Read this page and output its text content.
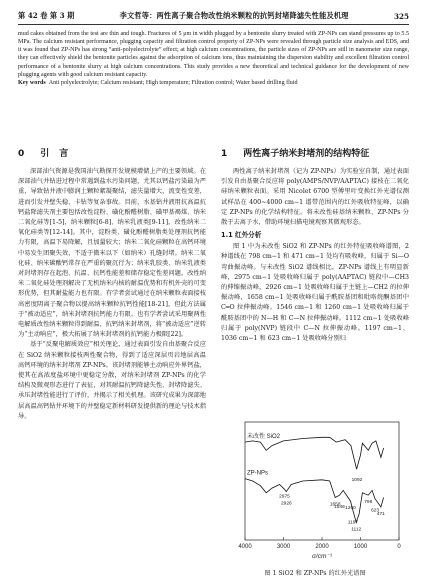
第 42 卷 第 3 期	李文哲等：两性离子聚合物改性纳米颗粒的抗钙封堵降滤失性能及机理	325
mud cakes obtained from the test are thin and tough. Fractures of 5 μm in width plugged by a bentonite slurry treated with ZP-NPs can stand pressures up to 5.5 MPa. The calcium resistant performance, plugging capacity and filtration control property of ZP-NPs were revealed through particle size analysis and EDS, and it was found that ZP-NPs has strong “anti-polyelectrolyte” effect; at high calcium concentrations, the particle sizes of ZP-NPs are still in nanometer size range, they can effectively shield the bentonite particles against the adsorption of calcium ions, thus maintaining the dispersion stability and excellent filtration control performance of a bentonite slurry at high calcium concentrations. This study provides a new theoretical and technical guidance for the development of new plugging agents with good calcium resistant capacity.
Key words Anti polyelectrolyte; Calcium resistant; High temperature; Filtration control; Water based drilling fluid
0 引言

深部油气资源是我国油气勘探开发规模增储上产的主要领域。在深部油气井钻进过程中常遇到盐水污染问题，尤其以钙盐污染最为严重，导致钻井液中膨润土颗粒絮凝聚结，滤失量增大，流变性变差，进而引发井壁失稳、卡钻等复杂事故。目前，水基钻井液用抗高温抗钙盐降滤失剂主要包括改性淀粉、磺化酚醛树脂、磺甲基褐煤、纳米二氧化硅等[1-5]，纳米颗粒[6-8]、纳米乳液类[9-11]，改性纳米二氧化硅类等[12-14]。其中，淀粉类、磺化酚醛树脂类处理剂抗钙能力有限，高温下易降解，且加量较大；纳米二氧化硅颗粒在高钙环境中易发生团聚失效，不适于微米以下（如纳米）孔缝封堵。纳米二氧化硅、纳米碳酸钙常存在严重的聚沉行为；纳米乳胶类、纳米乳液类对封堵剂存在起泡、抗温、抗钙性能差和储存稳定性差问题。改性纳米二氧化硅处理剂解决了无机纳米内核的耐温优势和有机外壳的可变形优势，但其耐盐能力也有限。有学者尝试通过在纳米颗粒表面接枝高密度阴离子聚合物以提高纳米颗粒抗钙性能[18-21]，但此方法属于“被动适应”，纳米封堵剂抗钙能力有限。也有学者尝试采用聚两性电解质改性纳米颗粒得到耐温、抗钙纳米封堵剂，将“被动适应”逆转为“主动响应”，极大拓展了纳米封堵剂的抗钙能力极限[22]。

基于“反聚电解质效应”相关理论，通过表面引发自由基聚合反应在 SiO2 纳米颗粒接枝两性聚合物，得到了适应深层页岩地层高温高钙环境的纳米封堵剂 ZP-NPs。该封堵剂能够主动响应外界钙盐，使其在高浓度盐环境中更稳定分散，对纳米封堵剂 ZP-NPs 的化学结构及微观形态进行了表征，对其耐温抗钙降滤失性、封堵降滤失、承压封堵性能进行了评价，并揭示了相关机理。该研究成果为深部地层高温高钙钻井环境下的井壁稳定新材料研发提供新的理论与技术指导。

1 两性离子纳米封堵剂的结构特征

两性离子纳米封堵剂（记为 ZP-NPs）为实验室自制，通过表面引发自由基聚合反应将 poly(AMPS/NVP/AAPTAC) 接枝在二氧化硅纳米颗粒表面。采用 Nicolet 6700 型傅里叶变换红外光谱仪测试样品在 400~4000 cm−1 谱带范围内的红外吸收特征峰，以确定 ZP-NPs 的化学结构特征。将未改性硅基纳米颗粒、ZP-NPs 分散于去离子水，借助环境扫描电镜观察其微观形态。

1.1 红外分析

图 1 中为未改性 SiO2 和 ZP-NPs 的红外特征吸收峰谱图，2 种谱线在 798 cm−1 和 471 cm−1 处均有吸收峰，归属于 Si—O 弯曲振动峰。与未改性 SiO2 谱线相比，ZP-NPs 谱线上有明显新峰，2975 cm−1 处吸收峰归属于 poly(AAPTAC) 链段中—CH3 的伸缩振动峰，2926 cm−1 处吸收峰归属于主链上—CH2 的拉伸振动峰，1658 cm−1 处吸收峰归属于酰胺基团和吡咯烷酮基团中 C═O 拉伸振动峰。1546 cm−1 和 1260 cm−1 处吸收峰归属于酰胺基团中的 N—H 和 C—N 拉伸振动峰。1112 cm−1 处吸收峰归属于 poly(NVP) 链段中 C—N 拉伸振动峰。1197 cm−1、1036 cm−1 和 623 cm−1 处吸收峰分别归

4000	3000	2000	1000	0
σ/cm⁻¹
未改性 SiO2
ZP-NPs
2975
2926	1658
1546 1260
1197
1112
1092
798
623
471
图 1 SiO2 和 ZP-NPs 的红外光谱图
